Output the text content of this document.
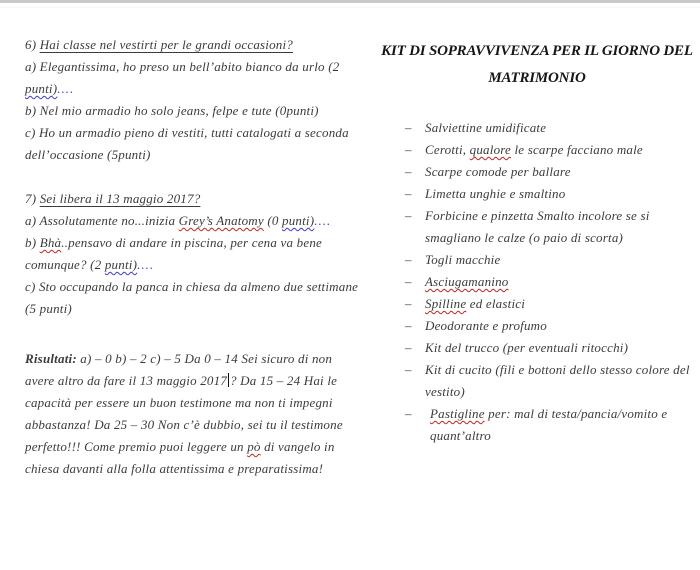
6) Hai classe nel vestirti per le grandi occasioni?

a) Elegantissima, ho preso un bell’abito bianco da urlo (2 punti)....

b) Nel mio armadio ho solo jeans, felpe e tute (0punti)

c) Ho un armadio pieno di vestiti, tutti catalogati a seconda dell’occasione (5punti)

7) Sei libera il 13 maggio 2017?

a) Assolutamente no...inizia Grey’s Anatomy (0 punti)....

b) Bhà..pensavo di andare in piscina, per cena va bene comunque? (2 punti)....

c) Sto occupando la panca in chiesa da almeno due settimane (5 punti)

Risultati: a) – 0 b) – 2 c) – 5 Da 0 – 14 Sei sicuro di non avere altro da fare il 13 maggio 2017 ? Da 15 – 24 Hai le capacità per essere un buon testimone ma non ti impegni abbastanza! Da 25 – 30 Non c’è dubbio, sei tu il testimone perfetto!!! Come premio puoi leggere un pò di vangelo in chiesa davanti alla folla attentissima e preparatissima!

KIT DI SOPRAVVIVENZA PER IL GIORNO DEL
MATRIMONIO
–	Salviettine umidificate
–	Cerotti, qualore le scarpe facciano male
–	Scarpe comode per ballare
–	Limetta unghie e smaltino
–	Forbicine e pinzetta Smalto incolore se si smagliano le calze (o paio di scorta)
–	Togli macchie
–	Asciugamanino
–	Spilline ed elastici
–	Deodorante e profumo
–	Kit del trucco (per eventuali ritocchi)
–	Kit di cucito (fili e bottoni dello stesso colore del vestito)
–	Pastigline per: mal di testa/pancia/vomito e quant’altro
